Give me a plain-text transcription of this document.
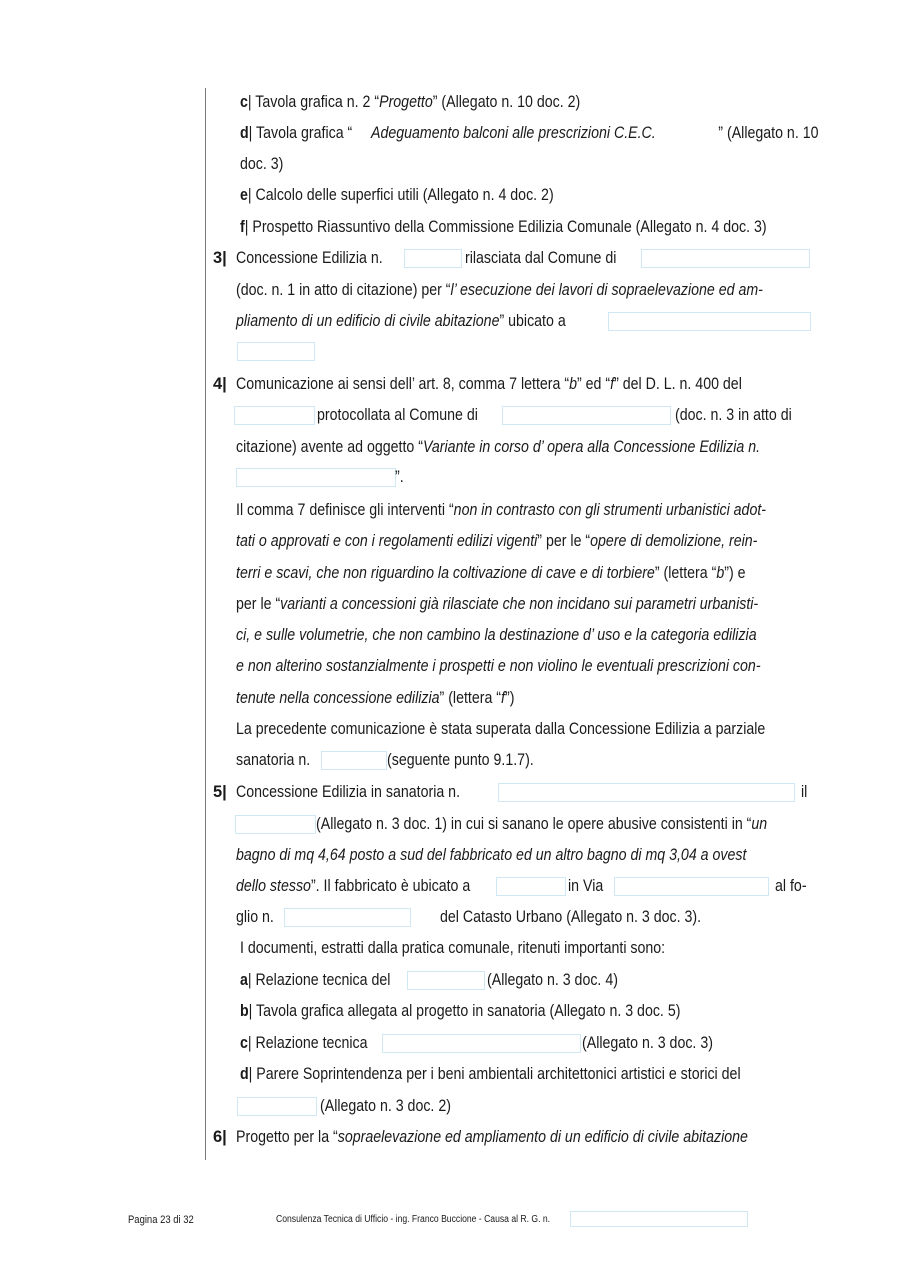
c| Tavola grafica n. 2 “Progetto” (Allegato n. 10 doc. 2)
d| Tavola grafica “	Adeguamento balconi alle prescrizioni C.E.C.	” (Allegato n. 10
doc. 3)
e| Calcolo delle superfici utili (Allegato n. 4 doc. 2)
f| Prospetto Riassuntivo della Commissione Edilizia Comunale (Allegato n. 4 doc. 3)
3| Concessione Edilizia n.	rilasciata dal Comune di
(doc. n. 1 in atto di citazione) per “l’ esecuzione dei lavori di sopraelevazione ed am-
pliamento di un edificio di civile abitazione” ubicato a
4| Comunicazione ai sensi dell’ art. 8, comma 7 lettera “b” ed “f” del D. L. n. 400 del
protocollata al Comune di	(doc. n. 3 in atto di
citazione) avente ad oggetto “Variante in corso d’ opera alla Concessione Edilizia n.
”.
Il comma 7 definisce gli interventi “non in contrasto con gli strumenti urbanistici adot-
tati o approvati e con i regolamenti edilizi vigenti” per le “opere di demolizione, rein-
terri e scavi, che non riguardino la coltivazione di cave e di torbiere” (lettera “b”) e
per le “varianti a concessioni già rilasciate che non incidano sui parametri urbanisti-
ci, e sulle volumetrie, che non cambino la destinazione d’ uso e la categoria edilizia
e non alterino sostanzialmente i prospetti e non violino le eventuali prescrizioni con-
tenute nella concessione edilizia” (lettera “f”)
La precedente comunicazione è stata superata dalla Concessione Edilizia a parziale
sanatoria n.	(seguente punto 9.1.7).
5| Concessione Edilizia in sanatoria n.	il
(Allegato n. 3 doc. 1) in cui si sanano le opere abusive consistenti in “un
bagno di mq 4,64 posto a sud del fabbricato ed un altro bagno di mq 3,04 a ovest
dello stesso”. Il fabbricato è ubicato a	in Via	al fo-
glio n.	del Catasto Urbano (Allegato n. 3 doc. 3).
I documenti, estratti dalla pratica comunale, ritenuti importanti sono:
a| Relazione tecnica del	(Allegato n. 3 doc. 4)
b| Tavola grafica allegata al progetto in sanatoria (Allegato n. 3 doc. 5)
c| Relazione tecnica	(Allegato n. 3 doc. 3)
d| Parere Soprintendenza per i beni ambientali architettonici artistici e storici del
(Allegato n. 3 doc. 2)
6| Progetto per la “sopraelevazione ed ampliamento di un edificio di civile abitazione
Pagina 23 di 32	Consulenza Tecnica di Ufficio - ing. Franco Buccione - Causa al R. G. n.
